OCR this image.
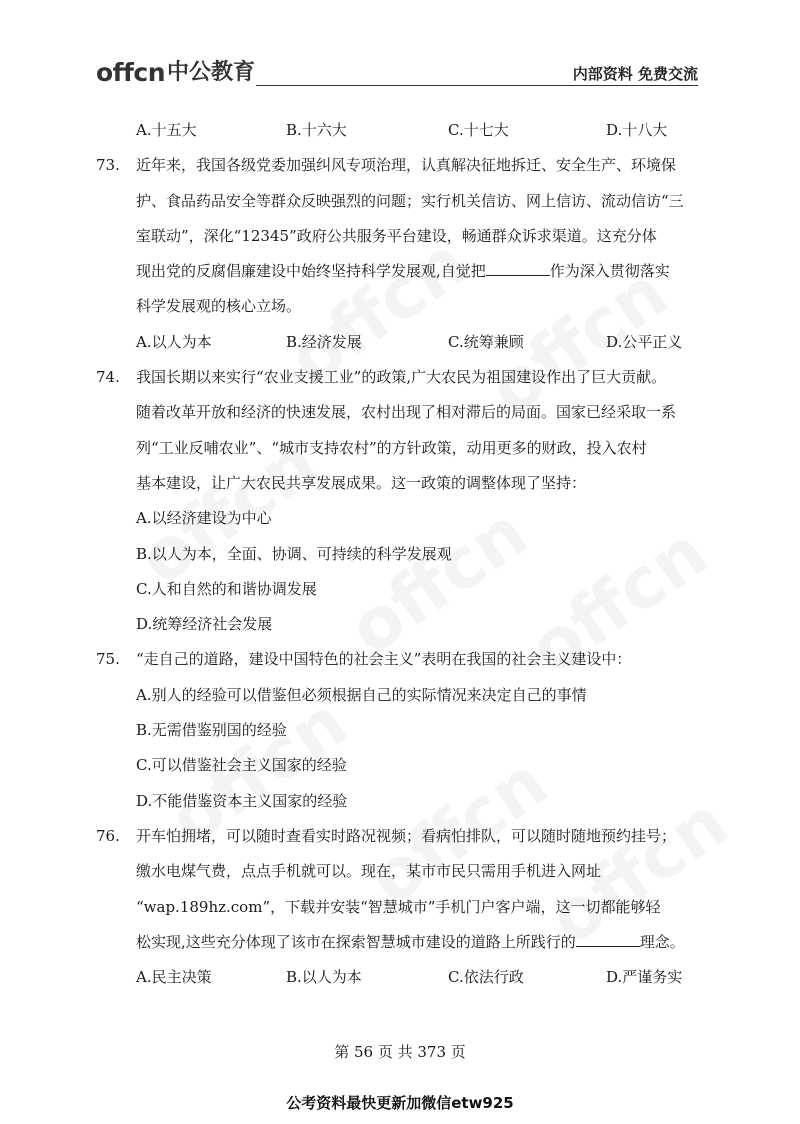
offcn 中公教育	内部资料 免费交流
A.十五大	B.十六大	C.十七大	D.十八大
73. 近年来，我国各级党委加强纠风专项治理，认真解决征地拆迁、安全生产、环境保
护、食品药品安全等群众反映强烈的问题；实行机关信访、网上信访、流动信访“三
室联动”，深化“12345”政府公共服务平台建设，畅通群众诉求渠道。这充分体
现出党的反腐倡廉建设中始终坚持科学发展观,自觉把	作为深入贯彻落实
科学发展观的核心立场。
A.以人为本	B.经济发展	C.统筹兼顾	D.公平正义
74. 我国长期以来实行“农业支援工业”的政策,广大农民为祖国建设作出了巨大贡献。
随着改革开放和经济的快速发展，农村出现了相对滞后的局面。国家已经采取一系
列“工业反哺农业”、“城市支持农村”的方针政策，动用更多的财政，投入农村
基本建设，让广大农民共享发展成果。这一政策的调整体现了坚持：
A.以经济建设为中心
B.以人为本，全面、协调、可持续的科学发展观
C.人和自然的和谐协调发展
D.统筹经济社会发展
75. “走自己的道路，建设中国特色的社会主义”表明在我国的社会主义建设中：
A.别人的经验可以借鉴但必须根据自己的实际情况来决定自己的事情
B.无需借鉴别国的经验
C.可以借鉴社会主义国家的经验
D.不能借鉴资本主义国家的经验
76. 开车怕拥堵，可以随时查看实时路况视频；看病怕排队，可以随时随地预约挂号；
缴水电煤气费，点点手机就可以。现在，某市市民只需用手机进入网址
“wap.189hz.com”，下载并安装“智慧城市”手机门户客户端，这一切都能够轻
松实现,这些充分体现了该市在探索智慧城市建设的道路上所践行的	理念。
A.民主决策	B.以人为本	C.依法行政	D.严谨务实
第 56 页 共 373 页
公考资料最快更新加微信etw925
